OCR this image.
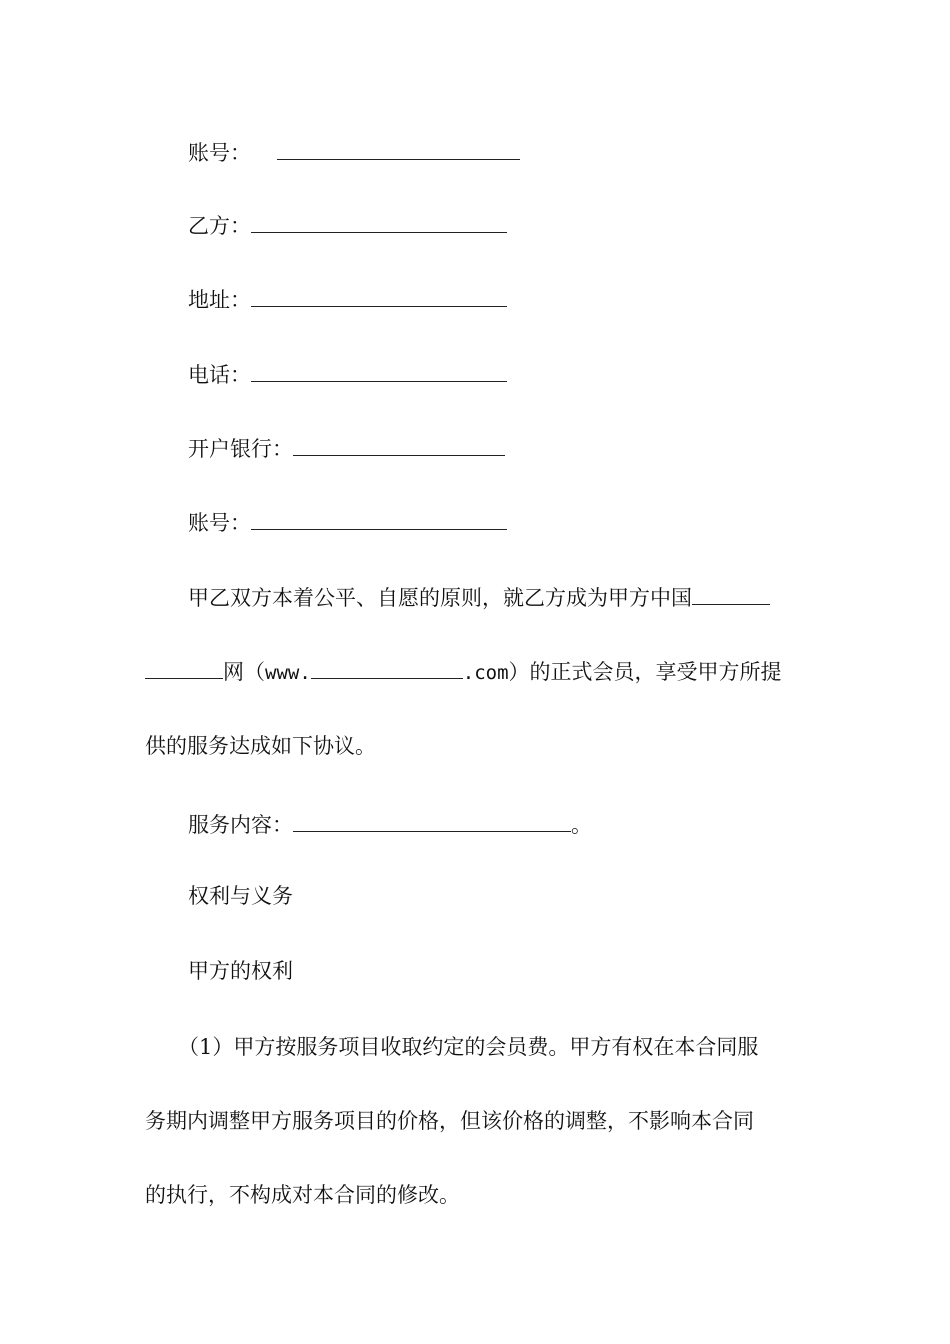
账号：
乙方：
地址：
电话：
开户银行：
账号：
甲乙双方本着公平、自愿的原则，就乙方成为甲方中国
网（www.	.com）的正式会员，享受甲方所提
供的服务达成如下协议。
服务内容：	。
权利与义务
甲方的权利
（1）甲方按服务项目收取约定的会员费。甲方有权在本合同服
务期内调整甲方服务项目的价格，但该价格的调整，不影响本合同
的执行，不构成对本合同的修改。
